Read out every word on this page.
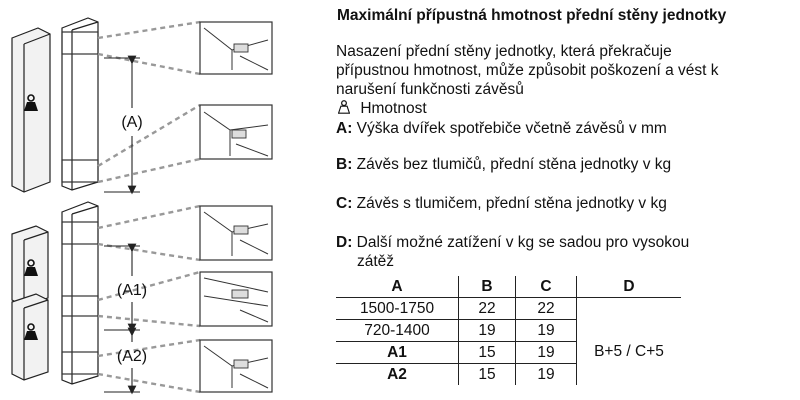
(A)
(A1)
(A2)
Maximální přípustná hmotnost přední stěny jednotky
Nasazení přední stěny jednotky, která překračuje
přípustnou hmotnost, může způsobit poškození a vést k
narušení funkčnosti závěsů
Hmotnost
A: Výška dvířek spotřebiče včetně závěsů v mm
B: Závěs bez tlumičů, přední stěna jednotky v kg
C: Závěs s tlumičem, přední stěna jednotky v kg
D: Další možné zatížení v kg se sadou pro vysokou
zátěž
A	B	C	D
1500-1750	22	22	
720-1400	19	19	B+5 / C+5
A1	15	19	
A2	15	19	
